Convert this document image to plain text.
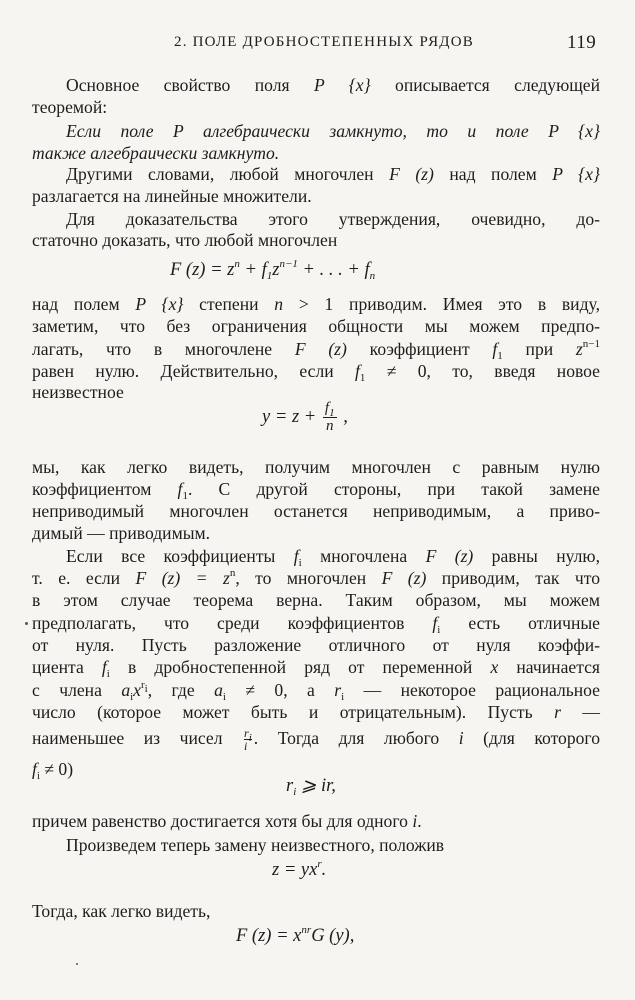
2. ПОЛЕ ДРОБНОСТЕПЕННЫХ РЯДОВ	119
Основное свойство поля P {x} описывается следующей
теоремой:
Если поле P алгебраически замкнуто, то и поле P {x}
также алгебраически замкнуто.
Другими словами, любой многочлен F (z) над полем P {x}
разлагается на линейные множители.
Для доказательства этого утверждения, очевидно, до-
статочно доказать, что любой многочлен
F $(z) = z^n + f_1z^{n-1}$ + . . . + $f_n$
над полем P {x} степени n > 1 приводим. Имея это в виду,
заметим, что без ограничения общности мы можем предпо-
лагать, что в многочлене F (z) коэффициент $f_1$ при $z^{n-1}$
равен нулю. Действительно, если $f_1 \ne 0$, то, введя новое
неизвестное
$y = z + \frac{f_1}{n}$ ,
мы, как легко видеть, получим многочлен с равным нулю
коэффициентом $f_1$. С другой стороны, при такой замене
неприводимый многочлен останется неприводимым, а приво-
димый — приводимым.
Если все коэффициенты $f_i$ многочлена F (z) равны нулю,
т. е. если F $(z) = z^n$, то многочлен F (z) приводим, так что
в этом случае теорема верна. Таким образом, мы можем
предполагать, что среди коэффициентов $f_i$ есть отличные
от нуля. Пусть разложение отличного от нуля коэффи-
циента $f_i$ в дробностепенной ряд от переменной x начинается
с члена $a_ix^{r_i}$, где $a_i \ne 0$, а $r_i$ — некоторое рациональное
число (которое может быть и отрицательным). Пусть r —
наименьшее из чисел $\frac{r_i}{i}$ . Тогда для любого i (для которого
$f_i \ne 0$)
$r_i$ ⩾ ir,
причем равенство достигается хотя бы для одного i.
Произведем теперь замену неизвестного, положив
$z = yx^r$.
Тогда, как легко видеть,
F $(z) = x^{nr}G$ (y),
